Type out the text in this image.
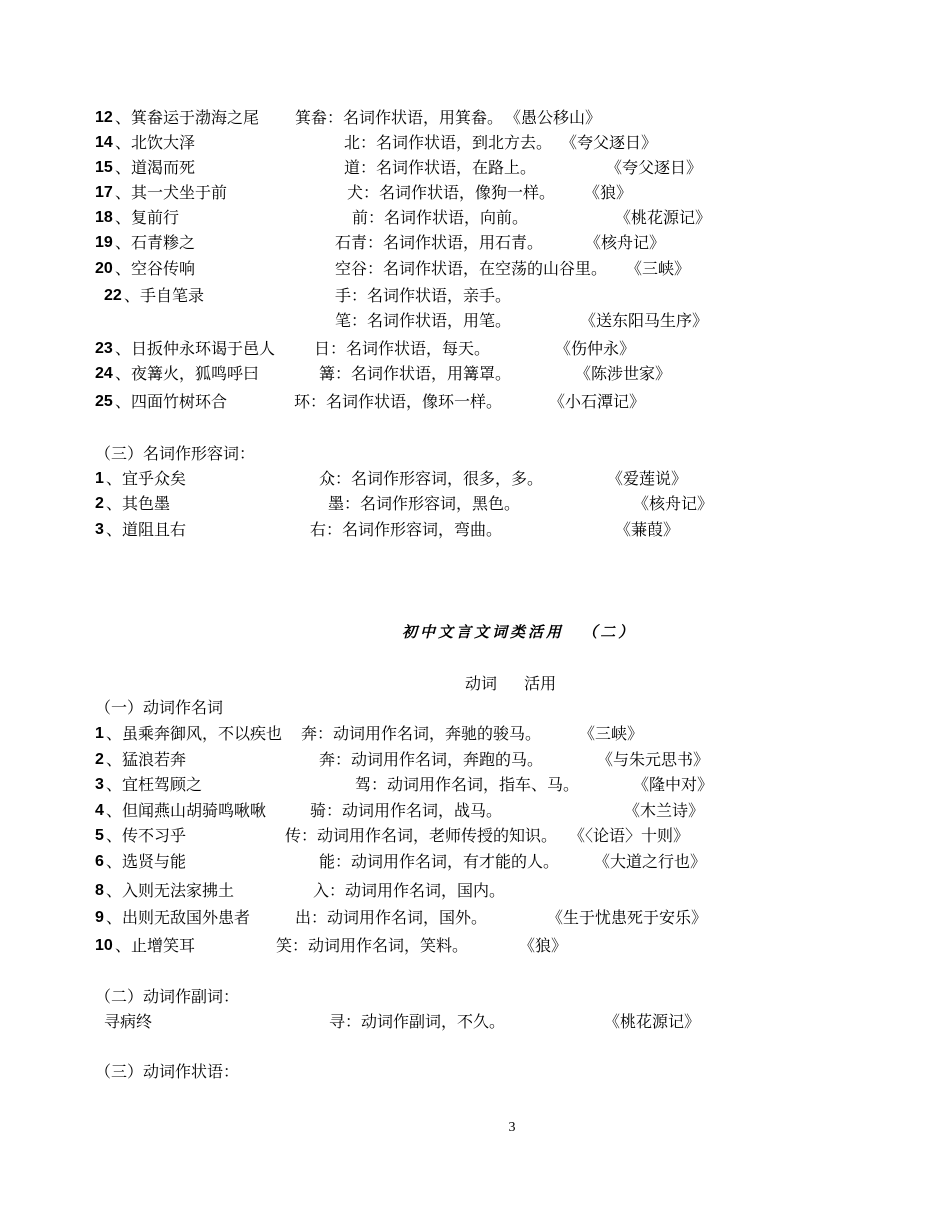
12 、箕畚运于渤海之尾 箕畚：名词作状语，用箕畚。 《愚公移山》
14 、北饮大泽	北：名词作状语，到北方去。 《夸父逐日》
15 、道渴而死	道：名词作状语，在路上。	《夸父逐日》
17 、其一犬坐于前	犬：名词作状语，像狗一样。 《狼》
18 、复前行	前：名词作状语，向前。	《桃花源记》
19 、石青糁之	石青：名词作状语，用石青。	《核舟记》
20 、空谷传响	空谷：名词作状语，在空荡的山谷里。 《三峡》
22 、手自笔录	手：名词作状语，亲手。
笔：名词作状语，用笔。	《送东阳马生序》
23 、日扳仲永环谒于邑人 日：名词作状语，每天。	《伤仲永》
24 、夜篝火，狐鸣呼曰	篝：名词作状语，用篝罩。	《陈涉世家》
25 、四面竹树环合	环：名词作状语，像环一样。	《小石潭记》
（三）名词作形容词：
1 、宜乎众矣	众：名词作形容词，很多，多。	《爱莲说》
2 、其色墨	墨：名词作形容词，黑色。	《核舟记》
3 、道阻且右	右：名词作形容词，弯曲。	《蒹葭》
初中文言文词类活用 （二）
动词 活用
（一）动词作名词
1 、虽乘奔御风，不以疾也 奔：动词用作名词，奔驰的骏马。 《三峡》
2 、猛浪若奔	奔：动词用作名词，奔跑的马。	《与朱元思书》
3 、宜枉驾顾之	驾：动词用作名词，指车、马。	《隆中对》
4 、但闻燕山胡骑鸣啾啾	骑：动词用作名词，战马。	《木兰诗》
5 、传不习乎	传：动词用作名词，老师传授的知识。 《〈论语〉十则》
6 、选贤与能	能：动词用作名词，有才能的人。 《大道之行也》
8 、入则无法家拂土	入：动词用作名词，国内。
9 、出则无敌国外患者	出：动词用作名词，国外。	《生于忧患死于安乐》
10 、止增笑耳	笑：动词用作名词，笑料。	《狼》
（二）动词作副词：
寻病终	寻：动词作副词，不久。	《桃花源记》
（三）动词作状语：
3
